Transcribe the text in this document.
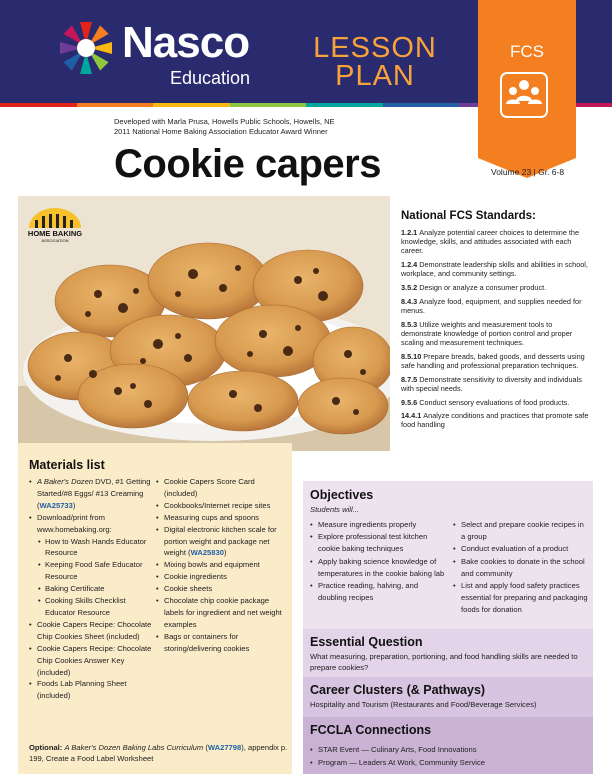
Nasco
Education
LESSON
PLAN
FCS
Developed with Marla Prusa, Howells Public Schools, Howells, NE
2011 National Home Baking Association Educator Award Winner
Cookie capers	Volume 23 | Gr. 6-8
HOME BAKING
ASSOCIATION
National FCS Standards:
1.2.1 Analyze potential career choices to determine the knowledge, skills, and attitudes associated with each career.
1.2.4 Demonstrate leadership skills and abilities in school, workplace, and community settings.
3.5.2 Design or analyze a consumer product.
8.4.3 Analyze food, equipment, and supplies needed for menus.
8.5.3 Utilize weights and measurement tools to demonstrate knowledge of portion control and proper scaling and measurement techniques.
8.5.10 Prepare breads, baked goods, and desserts using safe handling and professional preparation techniques.
8.7.5 Demonstrate sensitivity to diversity and individuals with special needs.
9.5.6 Conduct sensory evaluations of food products.
14.4.1 Analyze conditions and practices that promote safe food handling
Materials list
• A Baker's Dozen DVD, #1 Getting Started/#8 Eggs/ #13 Creaming (WA25733)
• Download/print from www.homebaking.org:
• How to Wash Hands Educator Resource
• Keeping Food Safe Educator Resource
• Baking Certificate
• Cooking Skills Checklist Educator Resource
• Cookie Capers Recipe: Chocolate Chip Cookies Sheet (included)
• Cookie Capers Recipe: Chocolate Chip Cookies Answer Key (included)
• Foods Lab Planning Sheet (included)
• Cookie Capers Score Card (included)
• Cookbooks/Internet recipe sites
• Measuring cups and spoons
• Digital electronic kitchen scale for portion weight and package net weight (WA25830)
• Mixing bowls and equipment
• Cookie ingredients
• Cookie sheets
• Chocolate chip cookie package labels for ingredient and net weight examples
• Bags or containers for storing/delivering cookies
Optional: A Baker's Dozen Baking Labs Curriculum (WA27798), appendix p. 199, Create a Food Label Worksheet
Objectives
Students will...
• Measure ingredients properly
• Explore professional test kitchen cookie baking techniques
• Apply baking science knowledge of temperatures in the cookie baking lab
• Practice reading, halving, and doubling recipes
• Select and prepare cookie recipes in a group
• Conduct evaluation of a product
• Bake cookies to donate in the school and community
• List and apply food safety practices essential for preparing and packaging foods for donation
Essential Question
What measuring, preparation, portioning, and food handling skills are needed to prepare cookies?
Career Clusters (& Pathways)
Hospitality and Tourism (Restaurants and Food/Beverage Services)
FCCLA Connections
• STAR Event — Culinary Arts, Food Innovations
• Program — Leaders At Work, Community Service
